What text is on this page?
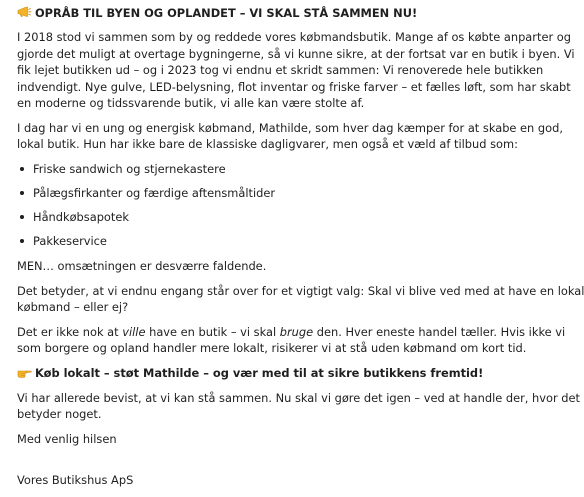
OPRÅB TIL BYEN OG OPLANDET – VI SKAL STÅ SAMMEN NU!

I 2018 stod vi sammen som by og reddede vores købmandsbutik. Mange af os købte anparter og
gjorde det muligt at overtage bygningerne, så vi kunne sikre, at der fortsat var en butik i byen. Vi
fik lejet butikken ud – og i 2023 tog vi endnu et skridt sammen: Vi renoverede hele butikken
indvendigt. Nye gulve, LED-belysning, flot inventar og friske farver – et fælles løft, som har skabt
en moderne og tidssvarende butik, vi alle kan være stolte af.

I dag har vi en ung og energisk købmand, Mathilde, som hver dag kæmper for at skabe en god,
lokal butik. Hun har ikke bare de klassiske dagligvarer, men også et væld af tilbud som:

Friske sandwich og stjernekastere
Pålægsfirkanter og færdige aftensmåltider
Håndkøbsapotek
Pakkeservice

MEN… omsætningen er desværre faldende.

Det betyder, at vi endnu engang står over for et vigtigt valg: Skal vi blive ved med at have en lokal
købmand – eller ej?

Det er ikke nok at ville have en butik – vi skal bruge den. Hver eneste handel tæller. Hvis ikke vi
som borgere og opland handler mere lokalt, risikerer vi at stå uden købmand om kort tid.

Køb lokalt – støt Mathilde – og vær med til at sikre butikkens fremtid!

Vi har allerede bevist, at vi kan stå sammen. Nu skal vi gøre det igen – ved at handle der, hvor det
betyder noget.

Med venlig hilsen

Vores Butikshus ApS
